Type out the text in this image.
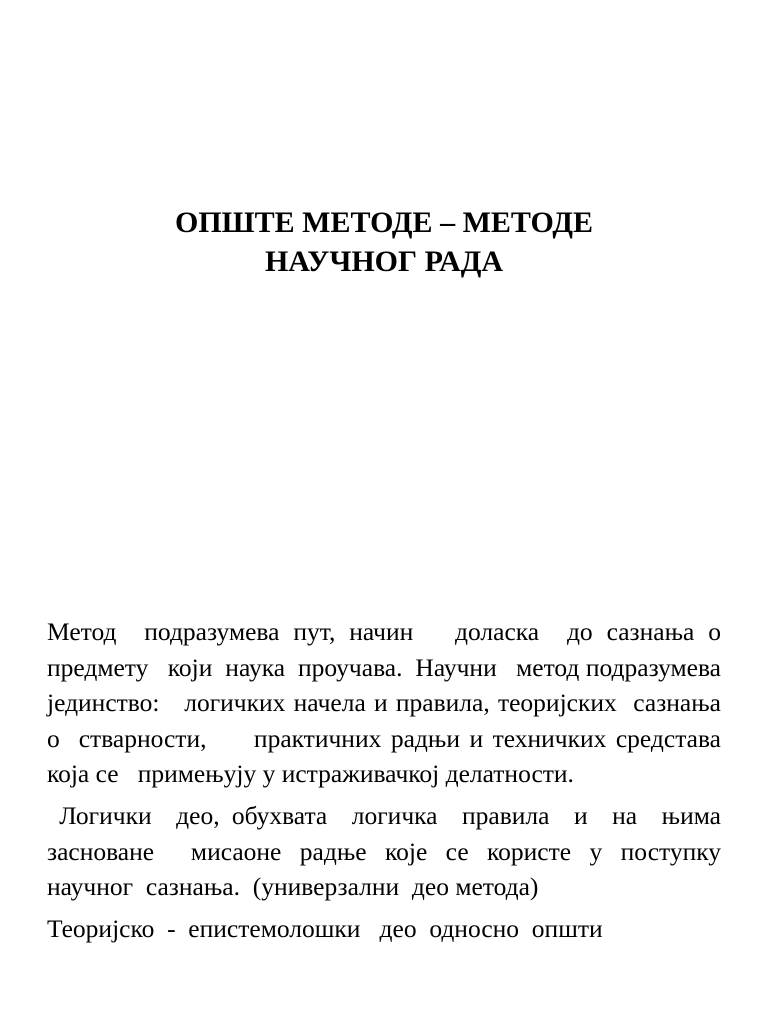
ОПШТЕ МЕТОДЕ – МЕТОДЕ
НАУЧНОГ РАДА

Метод  подразумева пут, начин   доласка  до сазнања о  предмету   који  наука  проучава.  Научни   метод подразумева јединство:   логичких начела и правила, теоријских  сазнања  о  стварности,     практичних радњи и техничких средстава која се   примењују у истраживачкој делатности.

Логички  део, обухвата  логичка  правила  и  на  њима  засноване  мисаоне радње које се користе у поступку  научног  сазнања.  (универзални  део метода)

Теоријско  -  епистемолошки   део  односно  општи
